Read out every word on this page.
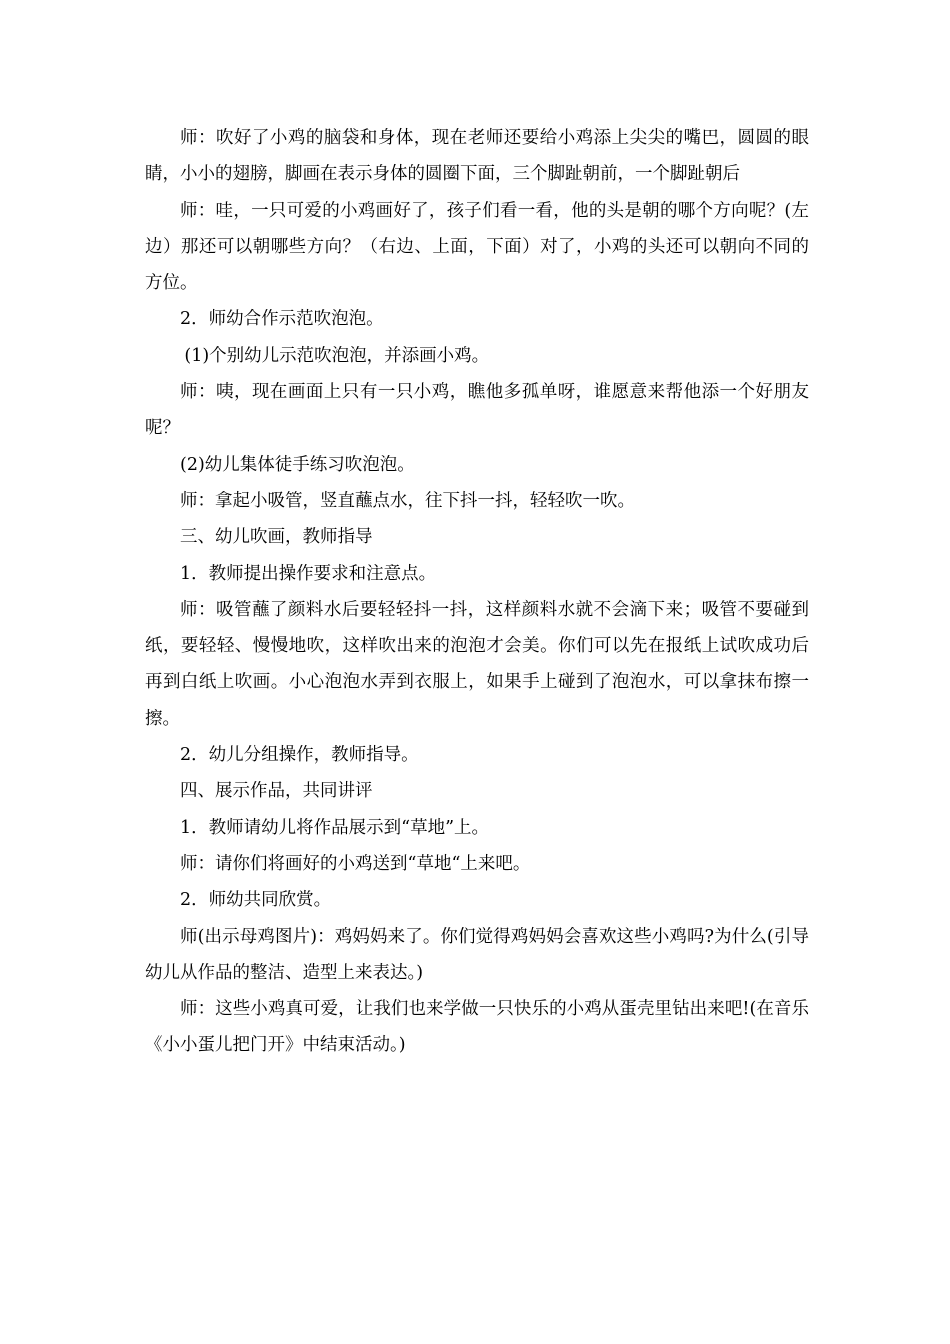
师：吹好了小鸡的脑袋和身体，现在老师还要给小鸡添上尖尖的嘴巴，圆圆的眼睛，小小的翅膀，脚画在表示身体的圆圈下面，三个脚趾朝前，一个脚趾朝后

师：哇，一只可爱的小鸡画好了，孩子们看一看，他的头是朝的哪个方向呢？(左边）那还可以朝哪些方向？（右边、上面，下面）对了，小鸡的头还可以朝向不同的方位。

2．师幼合作示范吹泡泡。

(1)个别幼儿示范吹泡泡，并添画小鸡。

师：咦，现在画面上只有一只小鸡，瞧他多孤单呀，谁愿意来帮他添一个好朋友呢？

(2)幼儿集体徒手练习吹泡泡。

师：拿起小吸管，竖直蘸点水，往下抖一抖，轻轻吹一吹。

三、幼儿吹画，教师指导

1．教师提出操作要求和注意点。

师：吸管蘸了颜料水后要轻轻抖一抖，这样颜料水就不会滴下来；吸管不要碰到纸，要轻轻、慢慢地吹，这样吹出来的泡泡才会美。你们可以先在报纸上试吹成功后再到白纸上吹画。小心泡泡水弄到衣服上，如果手上碰到了泡泡水，可以拿抹布擦一擦。

2．幼儿分组操作，教师指导。

四、展示作品，共同讲评

1．教师请幼儿将作品展示到“草地”上。

师：请你们将画好的小鸡送到“草地“上来吧。

2．师幼共同欣赏。

师(出示母鸡图片)：鸡妈妈来了。你们觉得鸡妈妈会喜欢这些小鸡吗?为什么(引导幼儿从作品的整洁、造型上来表达。)

师：这些小鸡真可爱，让我们也来学做一只快乐的小鸡从蛋壳里钻出来吧!(在音乐《小小蛋儿把门开》中结束活动。)
